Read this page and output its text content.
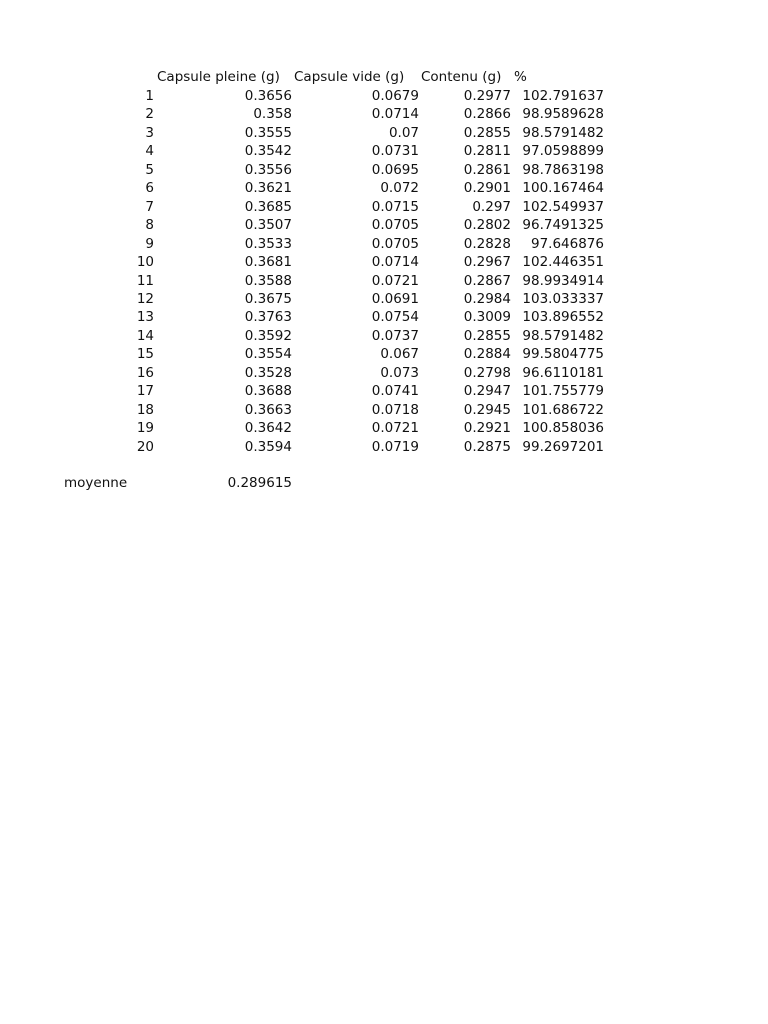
Capsule pleine (g) Capsule vide (g) Contenu (g) %
1	0.3656	0.0679	0.2977 102.791637
2	0.358	0.0714	0.2866 98.9589628
3	0.3555	0.07	0.2855 98.5791482
4	0.3542	0.0731	0.2811 97.0598899
5	0.3556	0.0695	0.2861 98.7863198
6	0.3621	0.072	0.2901 100.167464
7	0.3685	0.0715	0.297 102.549937
8	0.3507	0.0705	0.2802 96.7491325
9	0.3533	0.0705	0.2828 97.646876
10	0.3681	0.0714	0.2967 102.446351
11	0.3588	0.0721	0.2867 98.9934914
12	0.3675	0.0691	0.2984 103.033337
13	0.3763	0.0754	0.3009 103.896552
14	0.3592	0.0737	0.2855 98.5791482
15	0.3554	0.067	0.2884 99.5804775
16	0.3528	0.073	0.2798 96.6110181
17	0.3688	0.0741	0.2947 101.755779
18	0.3663	0.0718	0.2945 101.686722
19	0.3642	0.0721	0.2921 100.858036
20	0.3594	0.0719	0.2875 99.2697201
moyenne	0.289615
